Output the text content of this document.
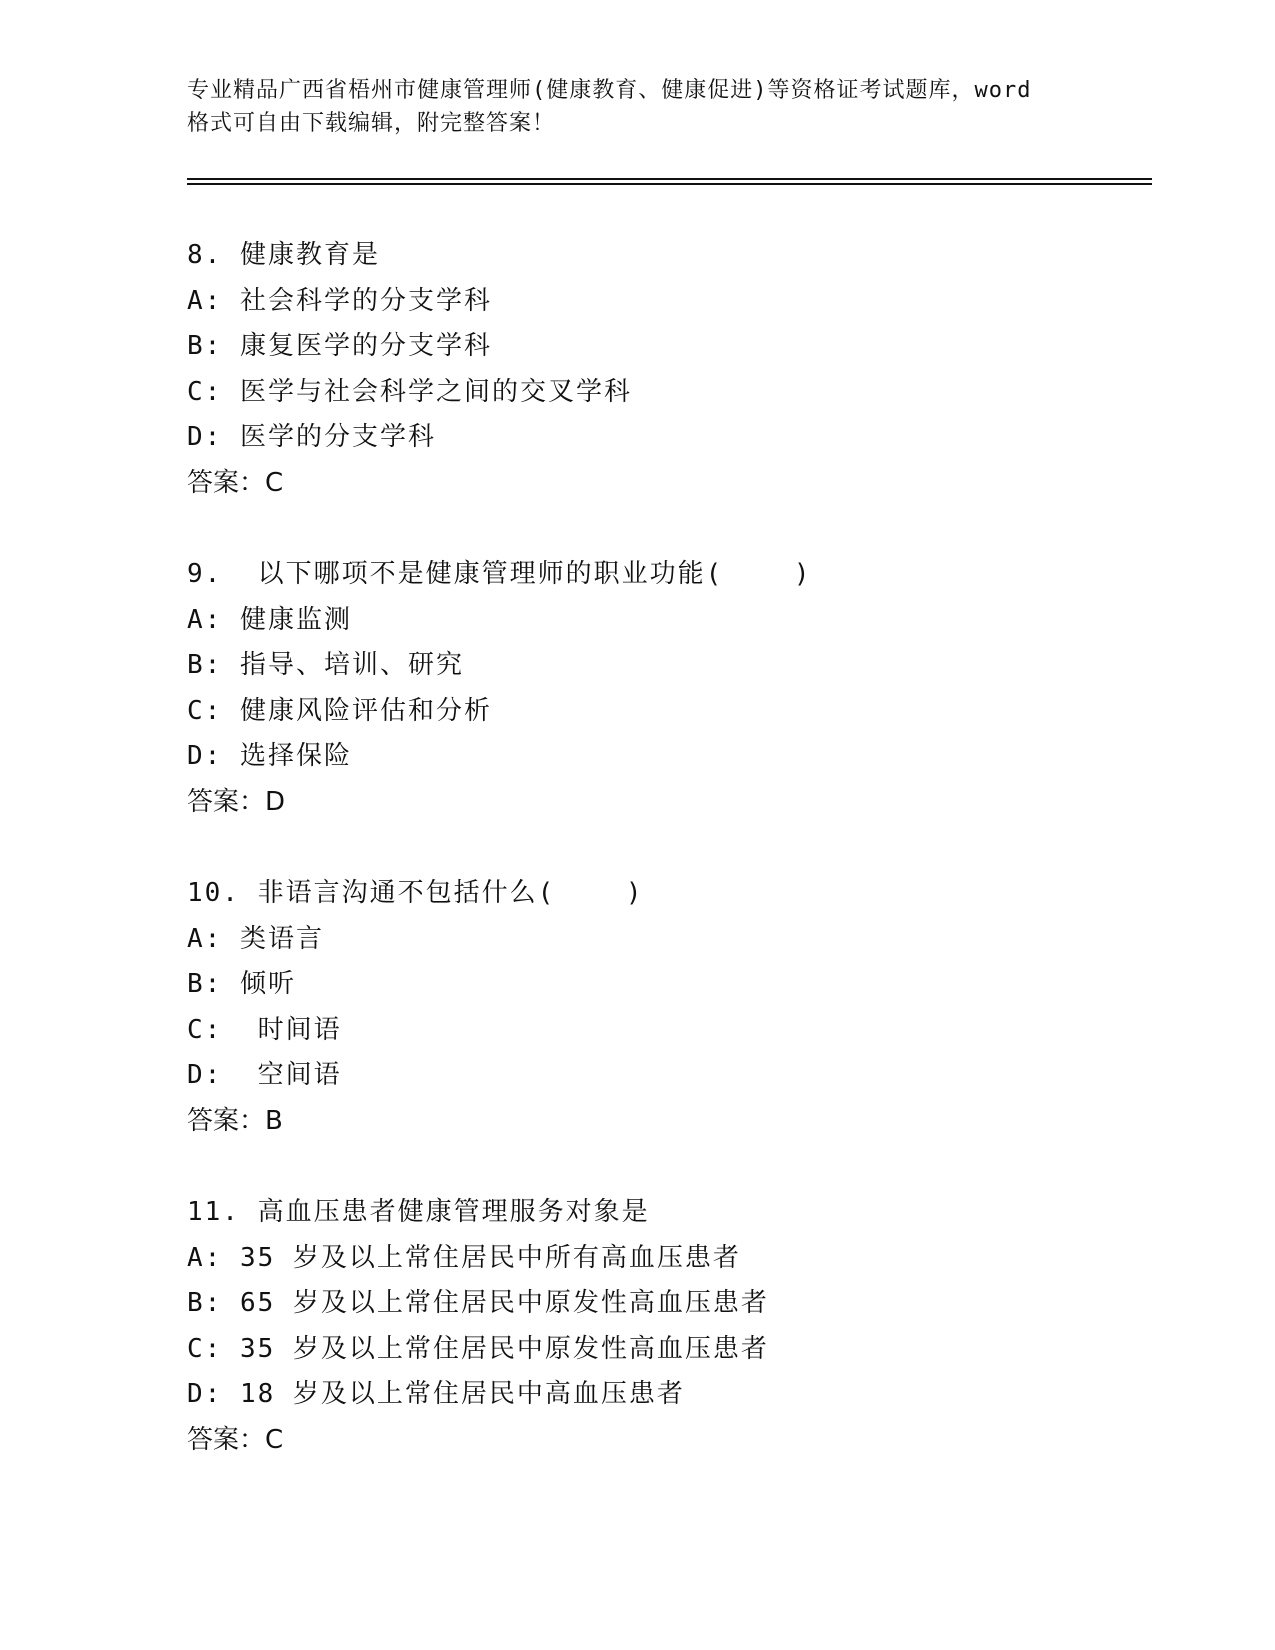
专业精品广西省梧州市健康管理师(健康教育、健康促进)等资格证考试题库，word
格式可自由下载编辑，附完整答案！
8. 健康教育是
A: 社会科学的分支学科
B: 康复医学的分支学科
C: 医学与社会科学之间的交叉学科
D: 医学的分支学科
答案：C
9.  以下哪项不是健康管理师的职业功能(    )
A: 健康监测
B: 指导、培训、研究
C: 健康风险评估和分析
D: 选择保险
答案：D
10. 非语言沟通不包括什么(    )
A: 类语言
B: 倾听
C:  时间语
D:  空间语
答案：B
11. 高血压患者健康管理服务对象是
A: 35 岁及以上常住居民中所有高血压患者
B: 65 岁及以上常住居民中原发性高血压患者
C: 35 岁及以上常住居民中原发性高血压患者
D: 18 岁及以上常住居民中高血压患者
答案：C
